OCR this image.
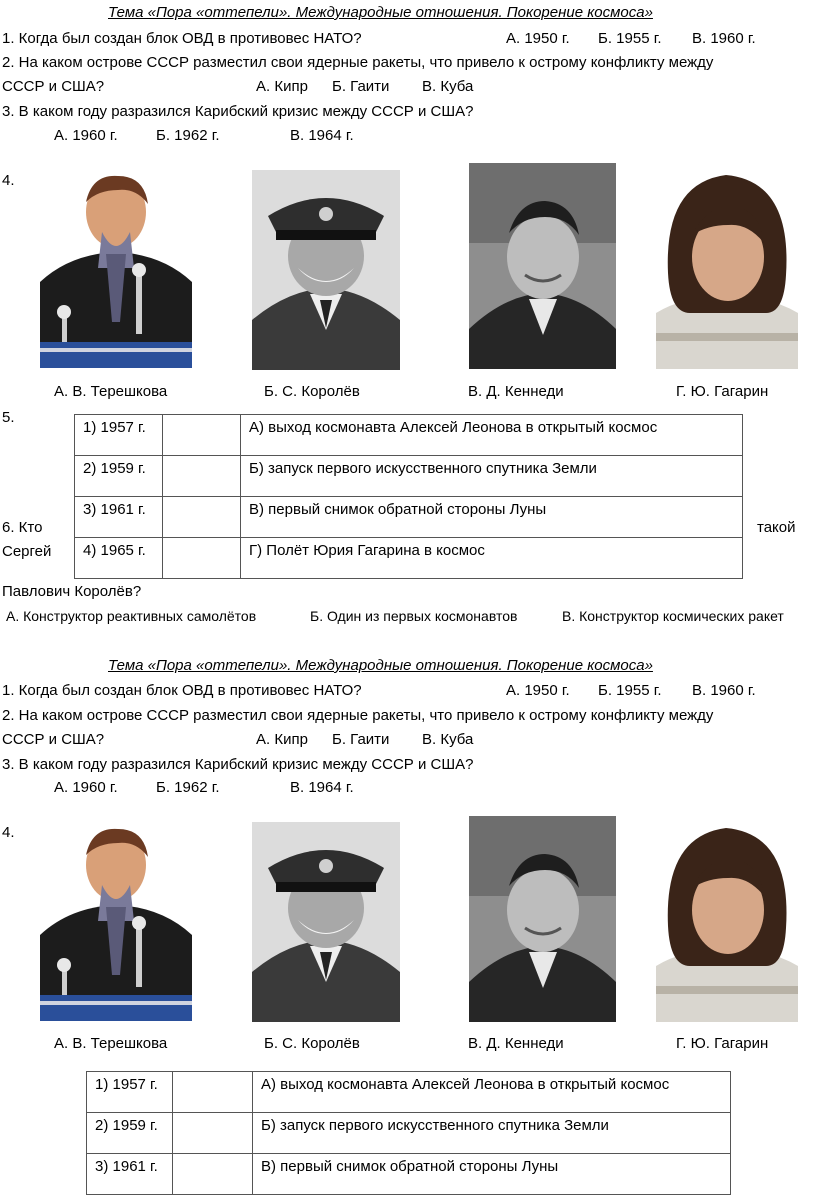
Тема «Пора «оттепели». Международные отношения. Покорение космоса»
1. Когда был создан блок ОВД в противовес НАТО?	А. 1950 г. Б. 1955 г. В. 1960 г.
2. На каком острове СССР разместил свои ядерные ракеты, что привело к острому конфликту между
СССР и США?	А. Кипр Б. Гаити В. Куба
3. В каком году разразился Карибский кризис между СССР и США?
А. 1960 г.	Б. 1962 г.	В. 1964 г.
4.
А. В. Терешкова	Б. С. Королёв	В. Д. Кеннеди	Г. Ю. Гагарин
5.
1) 1957 г.		А) выход космонавта Алексей Леонова в открытый космос
2) 1959 г.		Б) запуск первого искусственного спутника Земли
3) 1961 г.		В) первый снимок обратной стороны Луны
4) 1965 г.		Г) Полёт Юрия Гагарина в космос
6. Кто	такой
Сергей
Павлович Королёв?
А. Конструктор реактивных самолётов	Б. Один из первых космонавтов	В. Конструктор космических ракет
Тема «Пора «оттепели». Международные отношения. Покорение космоса»
1. Когда был создан блок ОВД в противовес НАТО?	А. 1950 г. Б. 1955 г. В. 1960 г.
2. На каком острове СССР разместил свои ядерные ракеты, что привело к острому конфликту между
СССР и США?	А. Кипр Б. Гаити В. Куба
3. В каком году разразился Карибский кризис между СССР и США?
А. 1960 г.	Б. 1962 г.	В. 1964 г.
4.
А. В. Терешкова	Б. С. Королёв	В. Д. Кеннеди	Г. Ю. Гагарин
1) 1957 г.		А) выход космонавта Алексей Леонова в открытый космос
2) 1959 г.		Б) запуск первого искусственного спутника Земли
3) 1961 г.		В) первый снимок обратной стороны Луны
